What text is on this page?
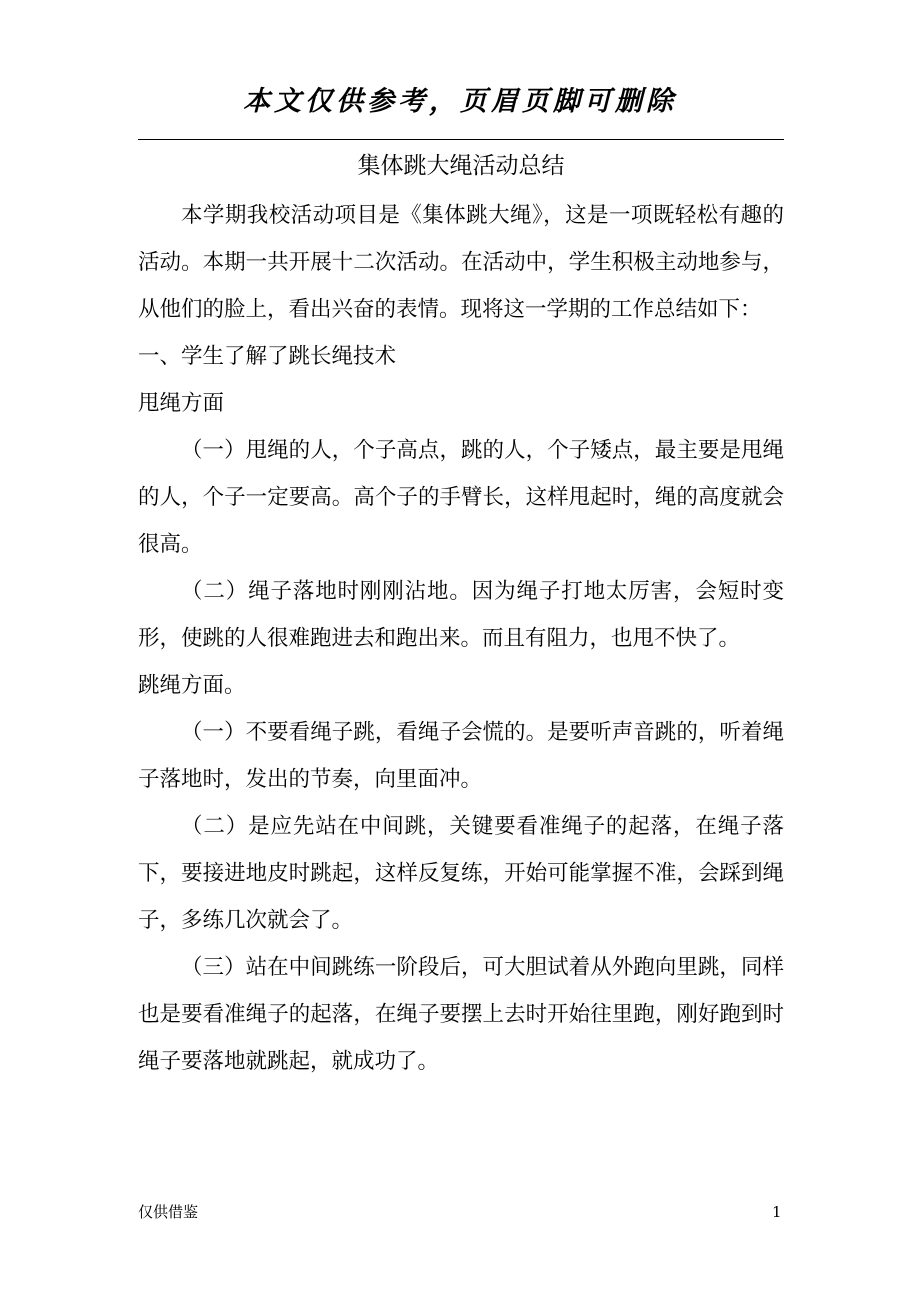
本文仅供参考，页眉页脚可删除
集体跳大绳活动总结

本学期我校活动项目是《集体跳大绳》，这是一项既轻松有趣的活动。本期一共开展十二次活动。在活动中，学生积极主动地参与，从他们的脸上，看出兴奋的表情。现将这一学期的工作总结如下：

一、学生了解了跳长绳技术

甩绳方面

（一）甩绳的人，个子高点，跳的人，个子矮点，最主要是甩绳的人，个子一定要高。高个子的手臂长，这样甩起时，绳的高度就会很高。

（二）绳子落地时刚刚沾地。因为绳子打地太厉害，会短时变形，使跳的人很难跑进去和跑出来。而且有阻力，也甩不快了。

跳绳方面。

（一）不要看绳子跳，看绳子会慌的。是要听声音跳的，听着绳子落地时，发出的节奏，向里面冲。

（二）是应先站在中间跳，关键要看准绳子的起落，在绳子落下，要接进地皮时跳起，这样反复练，开始可能掌握不准，会踩到绳子，多练几次就会了。

（三）站在中间跳练一阶段后，可大胆试着从外跑向里跳，同样也是要看准绳子的起落，在绳子要摆上去时开始往里跑，刚好跑到时绳子要落地就跳起，就成功了。

仅供借鉴	1
